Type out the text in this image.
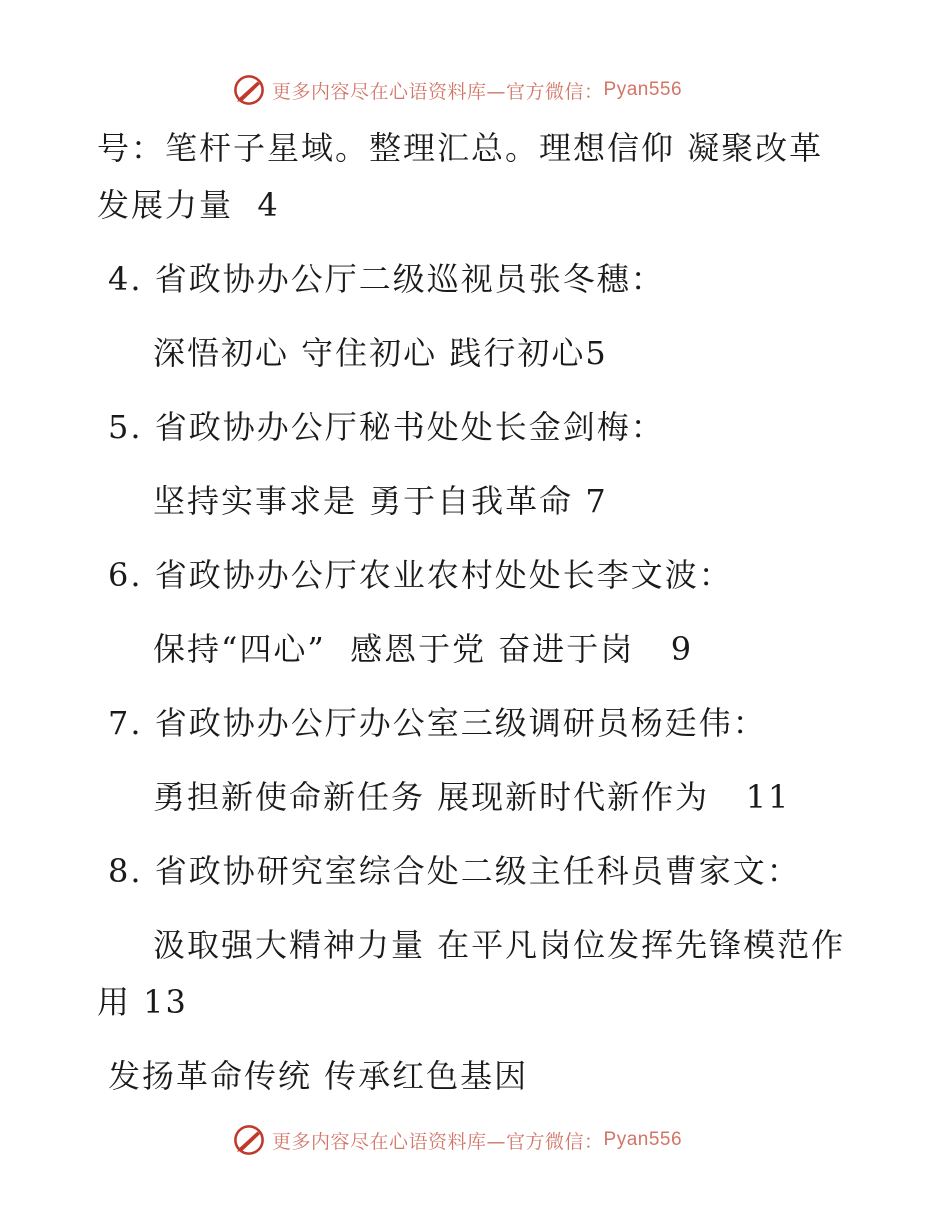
更多内容尽在心语资料库—官方微信： Pyan556
号：笔杆子星域。整理汇总。理想信仰 凝聚改革
发展力量  4
4. 省政协办公厅二级巡视员张冬穗：
深悟初心 守住初心 践行初心5
5. 省政协办公厅秘书处处长金剑梅：
坚持实事求是 勇于自我革命 7
6. 省政协办公厅农业农村处处长李文波：
保持“四心”  感恩于党 奋进于岗   9
7. 省政协办公厅办公室三级调研员杨廷伟：
勇担新使命新任务 展现新时代新作为   11
8. 省政协研究室综合处二级主任科员曹家文：
汲取强大精神力量 在平凡岗位发挥先锋模范作
用 13
发扬革命传统 传承红色基因
更多内容尽在心语资料库—官方微信： Pyan556
